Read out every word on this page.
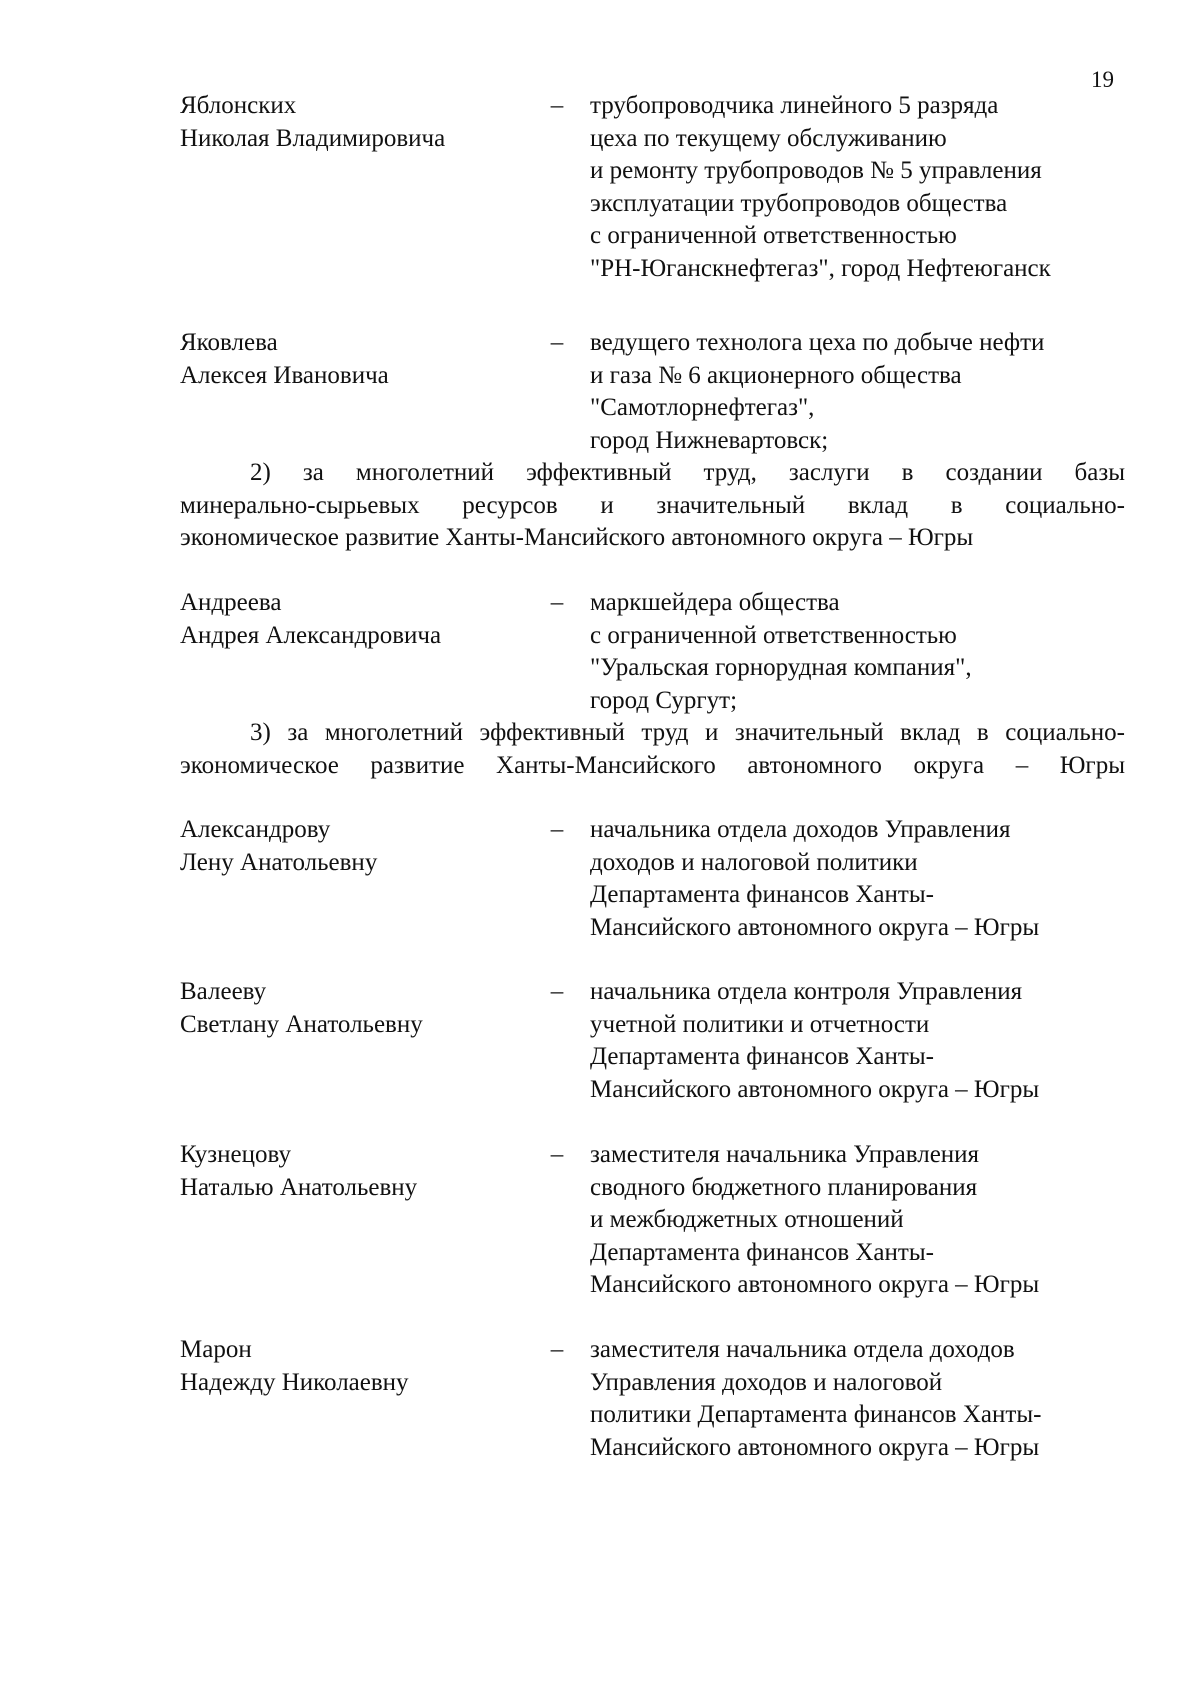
19
Яблонских
Николая Владимировича
– трубопроводчика линейного 5 разряда
цеха по текущему обслуживанию
и ремонту трубопроводов № 5 управления
эксплуатации трубопроводов общества
с ограниченной ответственностью
"РН-Юганскнефтегаз", город Нефтеюганск
Яковлева
Алексея Ивановича
– ведущего технолога цеха по добыче нефти
и газа № 6 акционерного общества
"Самотлорнефтегаз",
город Нижневартовск;
2) за многолетний эффективный труд, заслуги в создании базы
минерально-сырьевых ресурсов и значительный вклад в социально-
экономическое развитие Ханты-Мансийского автономного округа – Югры
Андреева
Андрея Александровича
– маркшейдера общества
с ограниченной ответственностью
"Уральская горнорудная компания",
город Сургут;
3) за многолетний эффективный труд и значительный вклад в социально-
экономическое развитие Ханты-Мансийского автономного округа – Югры
Александрову
Лену Анатольевну
– начальника отдела доходов Управления
доходов и налоговой политики
Департамента финансов Ханты-
Мансийского автономного округа – Югры
Валееву
Светлану Анатольевну
– начальника отдела контроля Управления
учетной политики и отчетности
Департамента финансов Ханты-
Мансийского автономного округа – Югры
Кузнецову
Наталью Анатольевну
– заместителя начальника Управления
сводного бюджетного планирования
и межбюджетных отношений
Департамента финансов Ханты-
Мансийского автономного округа – Югры
Марон
Надежду Николаевну
– заместителя начальника отдела доходов
Управления доходов и налоговой
политики Департамента финансов Ханты-
Мансийского автономного округа – Югры
